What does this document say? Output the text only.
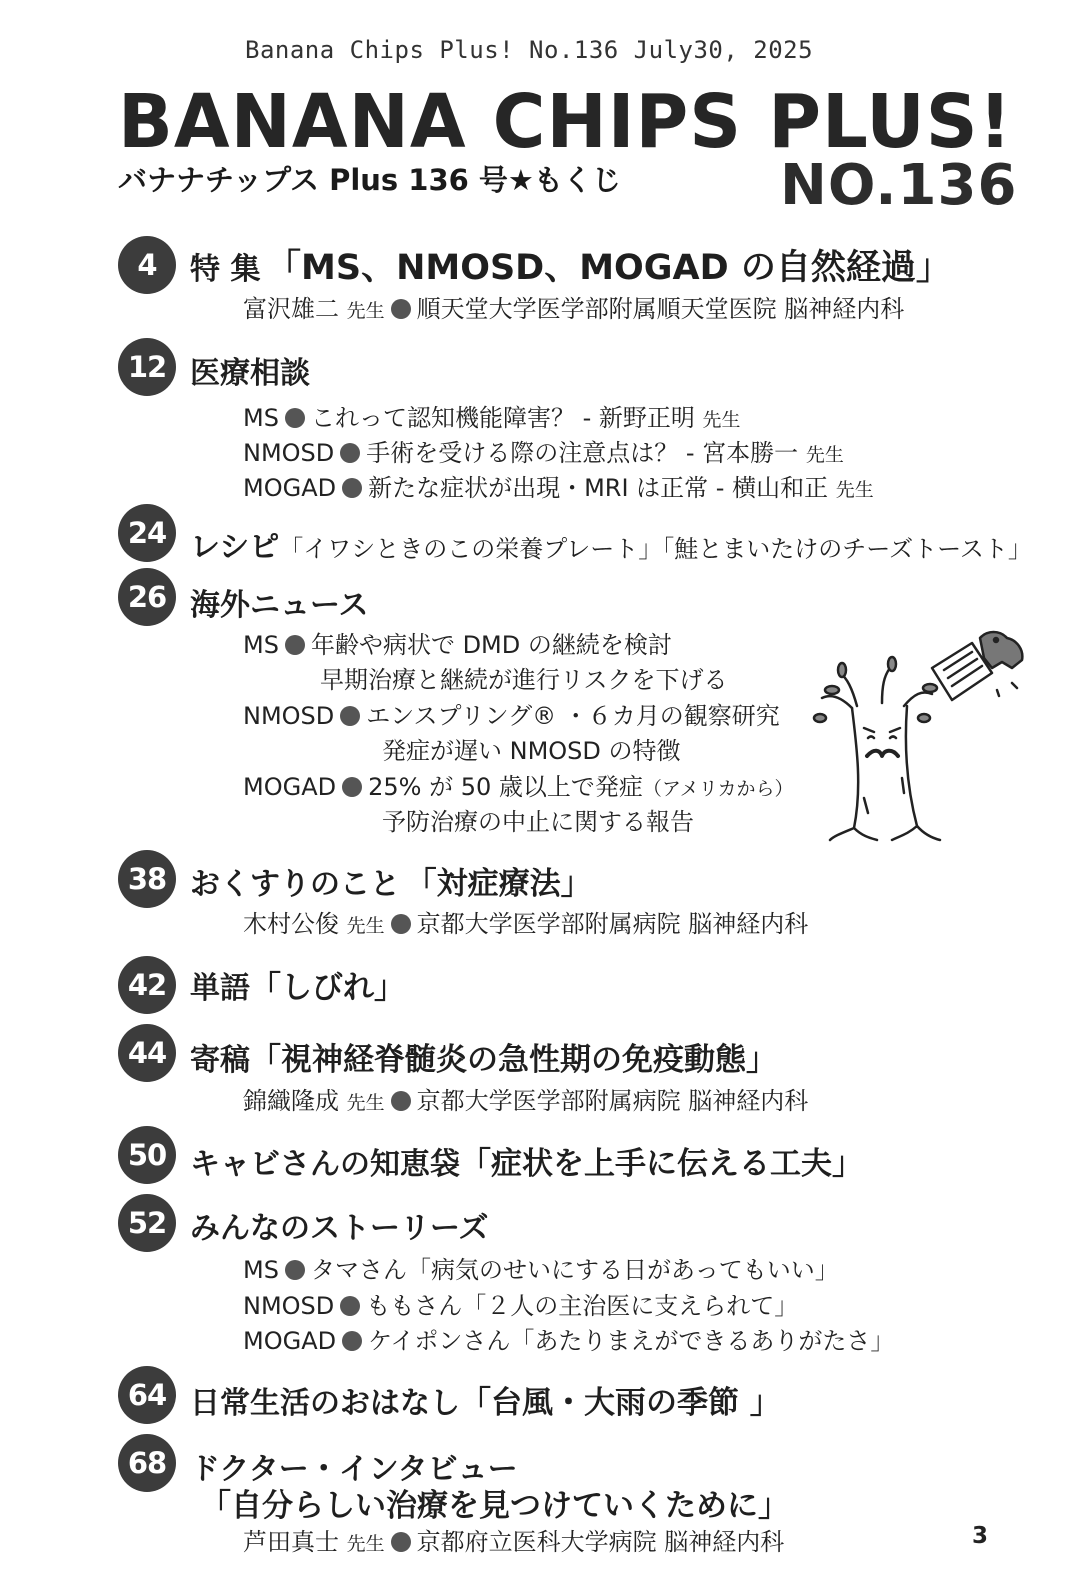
Banana Chips Plus! No.136 July30, 2025
BANANA CHIPS PLUS!
バナナチップス Plus 136 号★もくじ	NO.136
4	特 集 「MS、NMOSD、MOGAD の自然経過」
富沢雄二 先生 順天堂大学医学部附属順天堂医院 脳神経内科
12 医療相談
MS これって認知機能障害？ - 新野正明 先生
NMOSD 手術を受ける際の注意点は？ - 宮本勝一 先生
MOGAD 新たな症状が出現・MRI は正常 - 横山和正 先生
24 レシピ「イワシときのこの栄養プレート」「鮭とまいたけのチーズトースト」
26 海外ニュース
MS 年齢や病状で DMD の継続を検討
早期治療と継続が進行リスクを下げる
NMOSD エンスプリング® ・６カ月の観察研究
発症が遅い NMOSD の特徴
MOGAD 25% が 50 歳以上で発症（アメリカから）
予防治療の中止に関する報告
38 おくすりのこと 「対症療法」
木村公俊 先生 京都大学医学部附属病院 脳神経内科
42 単語「しびれ」
44 寄稿「視神経脊髄炎の急性期の免疫動態」
錦織隆成 先生 京都大学医学部附属病院 脳神経内科
50 キャビさんの知恵袋「症状を上手に伝える工夫」
52 みんなのストーリーズ
MS タマさん「病気のせいにする日があってもいい」
NMOSD ももさん「２人の主治医に支えられて」
MOGAD ケイポンさん「あたりまえができるありがたさ」
64 日常生活のおはなし「台風・大雨の季節 」
68 ドクター・インタビュー
「自分らしい治療を見つけていくために」
芦田真士 先生 京都府立医科大学病院 脳神経内科	3
